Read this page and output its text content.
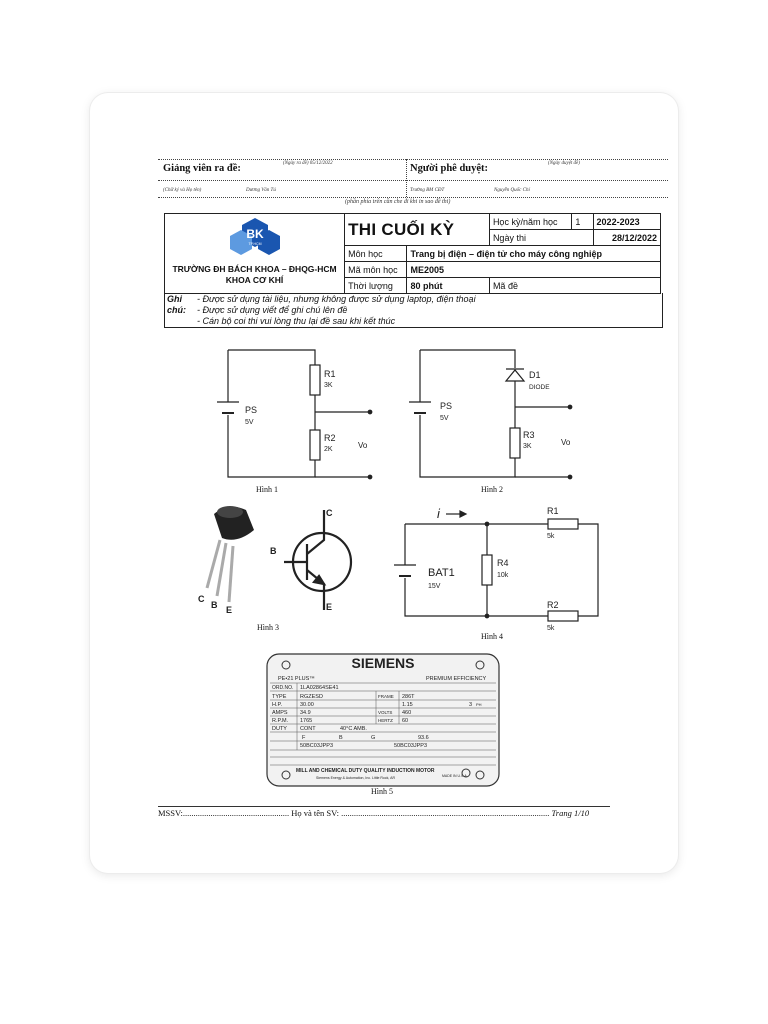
Giảng viên ra đề:	(Ngày ra đề) 05/12/2022	Người phê duyệt:	(Ngày duyệt đề)
(Chữ ký và Họ tên)	Dương Văn Tú	Trưởng BM CĐT	Nguyễn Quốc Chí
(phần phía trên cần che đi khi in sao đề thi)
BK
TP.HCM
TRƯỜNG ĐH BÁCH KHOA – ĐHQG-HCM
KHOA CƠ KHÍ	THI CUỐI KỲ		Học kỳ/năm học	1	2022-2023
			Ngày thi		28/12/2022
	Môn học	Trang bị điện – điện tử cho máy công nghiệp			
	Mã môn học	ME2005			
	Thời lượng	80 phút	Mã đề		
Ghi
chú:
- Được sử dụng tài liệu, nhưng không được sử dụng laptop, điện thoại
- Được sử dụng viết để ghi chú lên đề
- Cán bộ coi thi vui lòng thu lại đề sau khi kết thúc
PS
5V
R1
3K
R2
2K	Vo
Hình 1
PS
5V
D1
DIODE
R3
3K	Vo
Hình 2
C
B E
C
B
E
Hình 3
i
BAT1
15V
R4
10k
R1
5k
R2
5k
Hình 4
SIEMENS
PE•21 PLUS™	PREMIUM EFFICIENCY
ORD.NO. 1LA02864SE41
TYPE RGZESD	FRAME 286T
H.P.	30.00	1.15	3 PH
AMPS 34.9	VOLTS 460
R.P.M. 1765	HERTZ 60
DUTY CONT	40°C AMB.
F	B	G	93.6
50BC03JPP3	50BC03JPP3
MILL AND CHEMICAL DUTY QUALITY INDUCTION MOTOR
Siemens Energy & Automation, Inc. Little Rock, AR	MADE IN U.S.A.
Hình 5
MSSV:.................................................. Họ và tên SV: .................................................................................................. Trang 1/10
